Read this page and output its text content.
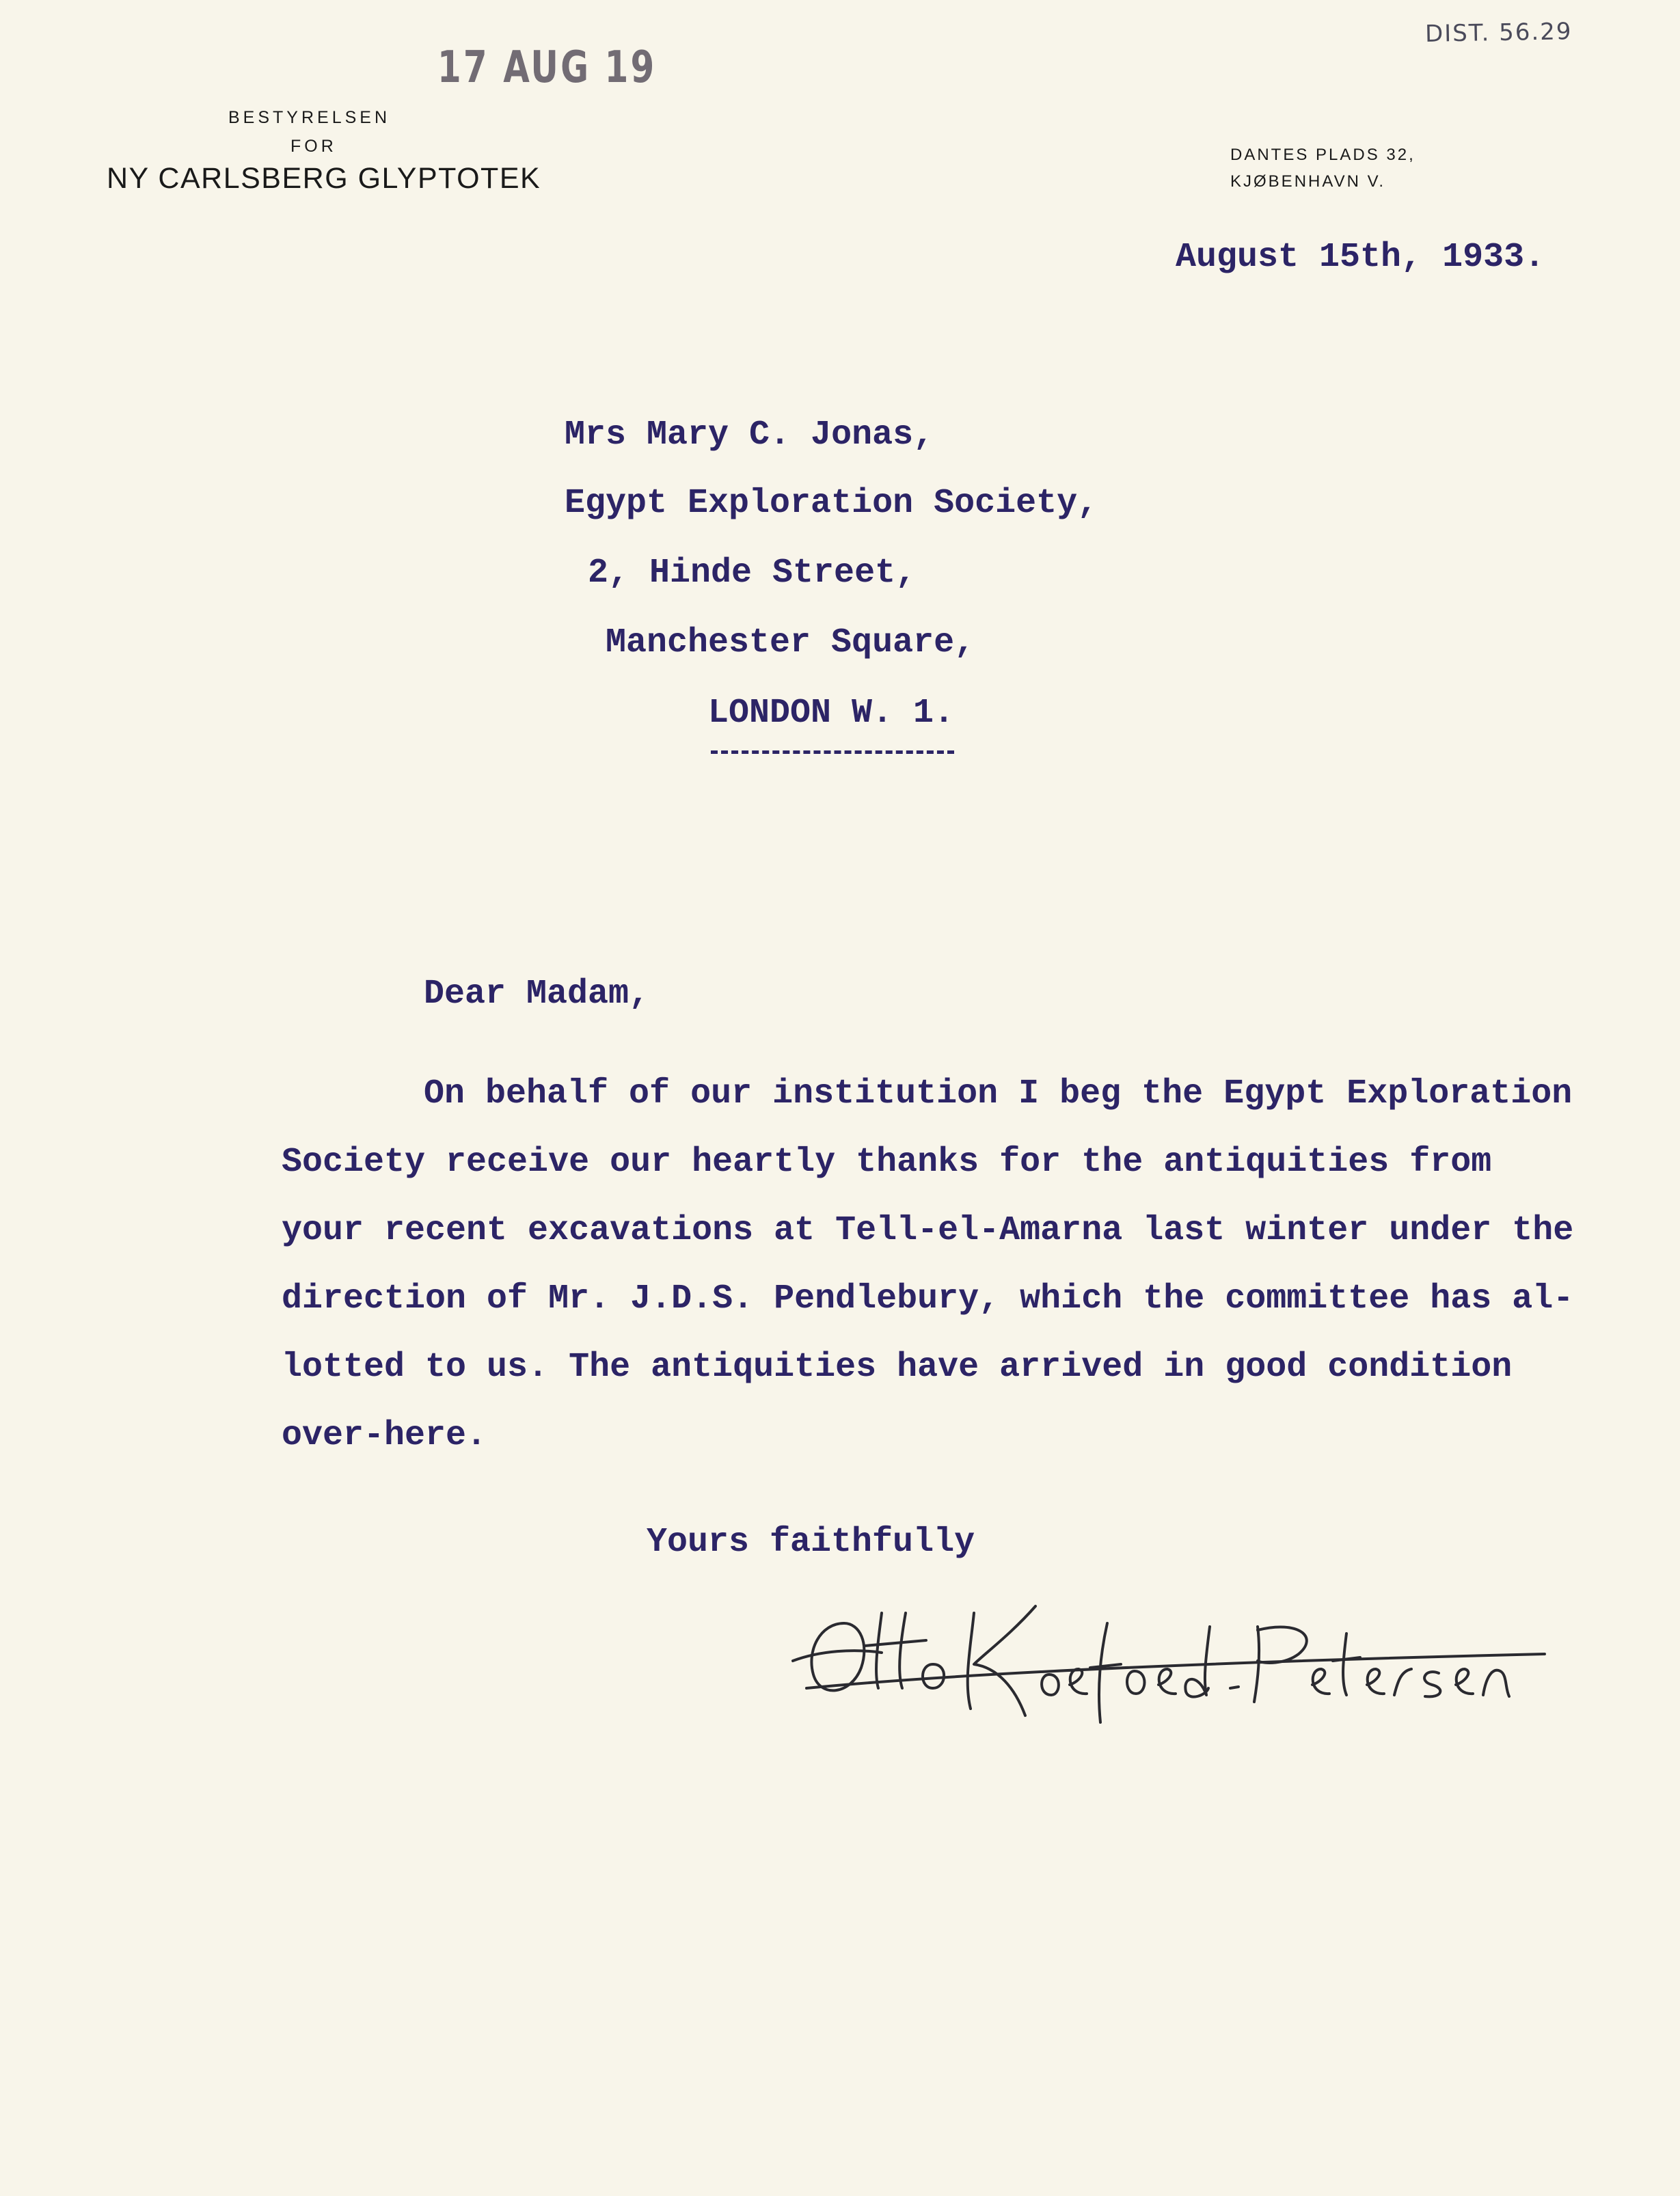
17 AUG 19
DIST. 56.29
BESTYRELSEN
FOR
NY CARLSBERG GLYPTOTEK
DANTES PLADS 32,
KJØBENHAVN V.
August 15th, 1933.
Mrs Mary C. Jonas,
Egypt Exploration Society,
2, Hinde Street,
Manchester Square,
LONDON W. 1.
Dear Madam,
On behalf of our institution I beg the Egypt Exploration
Society receive our heartly thanks for the antiquities from
your recent excavations at Tell-el-Amarna last winter under the
direction of Mr. J.D.S. Pendlebury, which the committee has al-
lotted to us. The antiquities have arrived in good condition
over-here.
Yours faithfully
